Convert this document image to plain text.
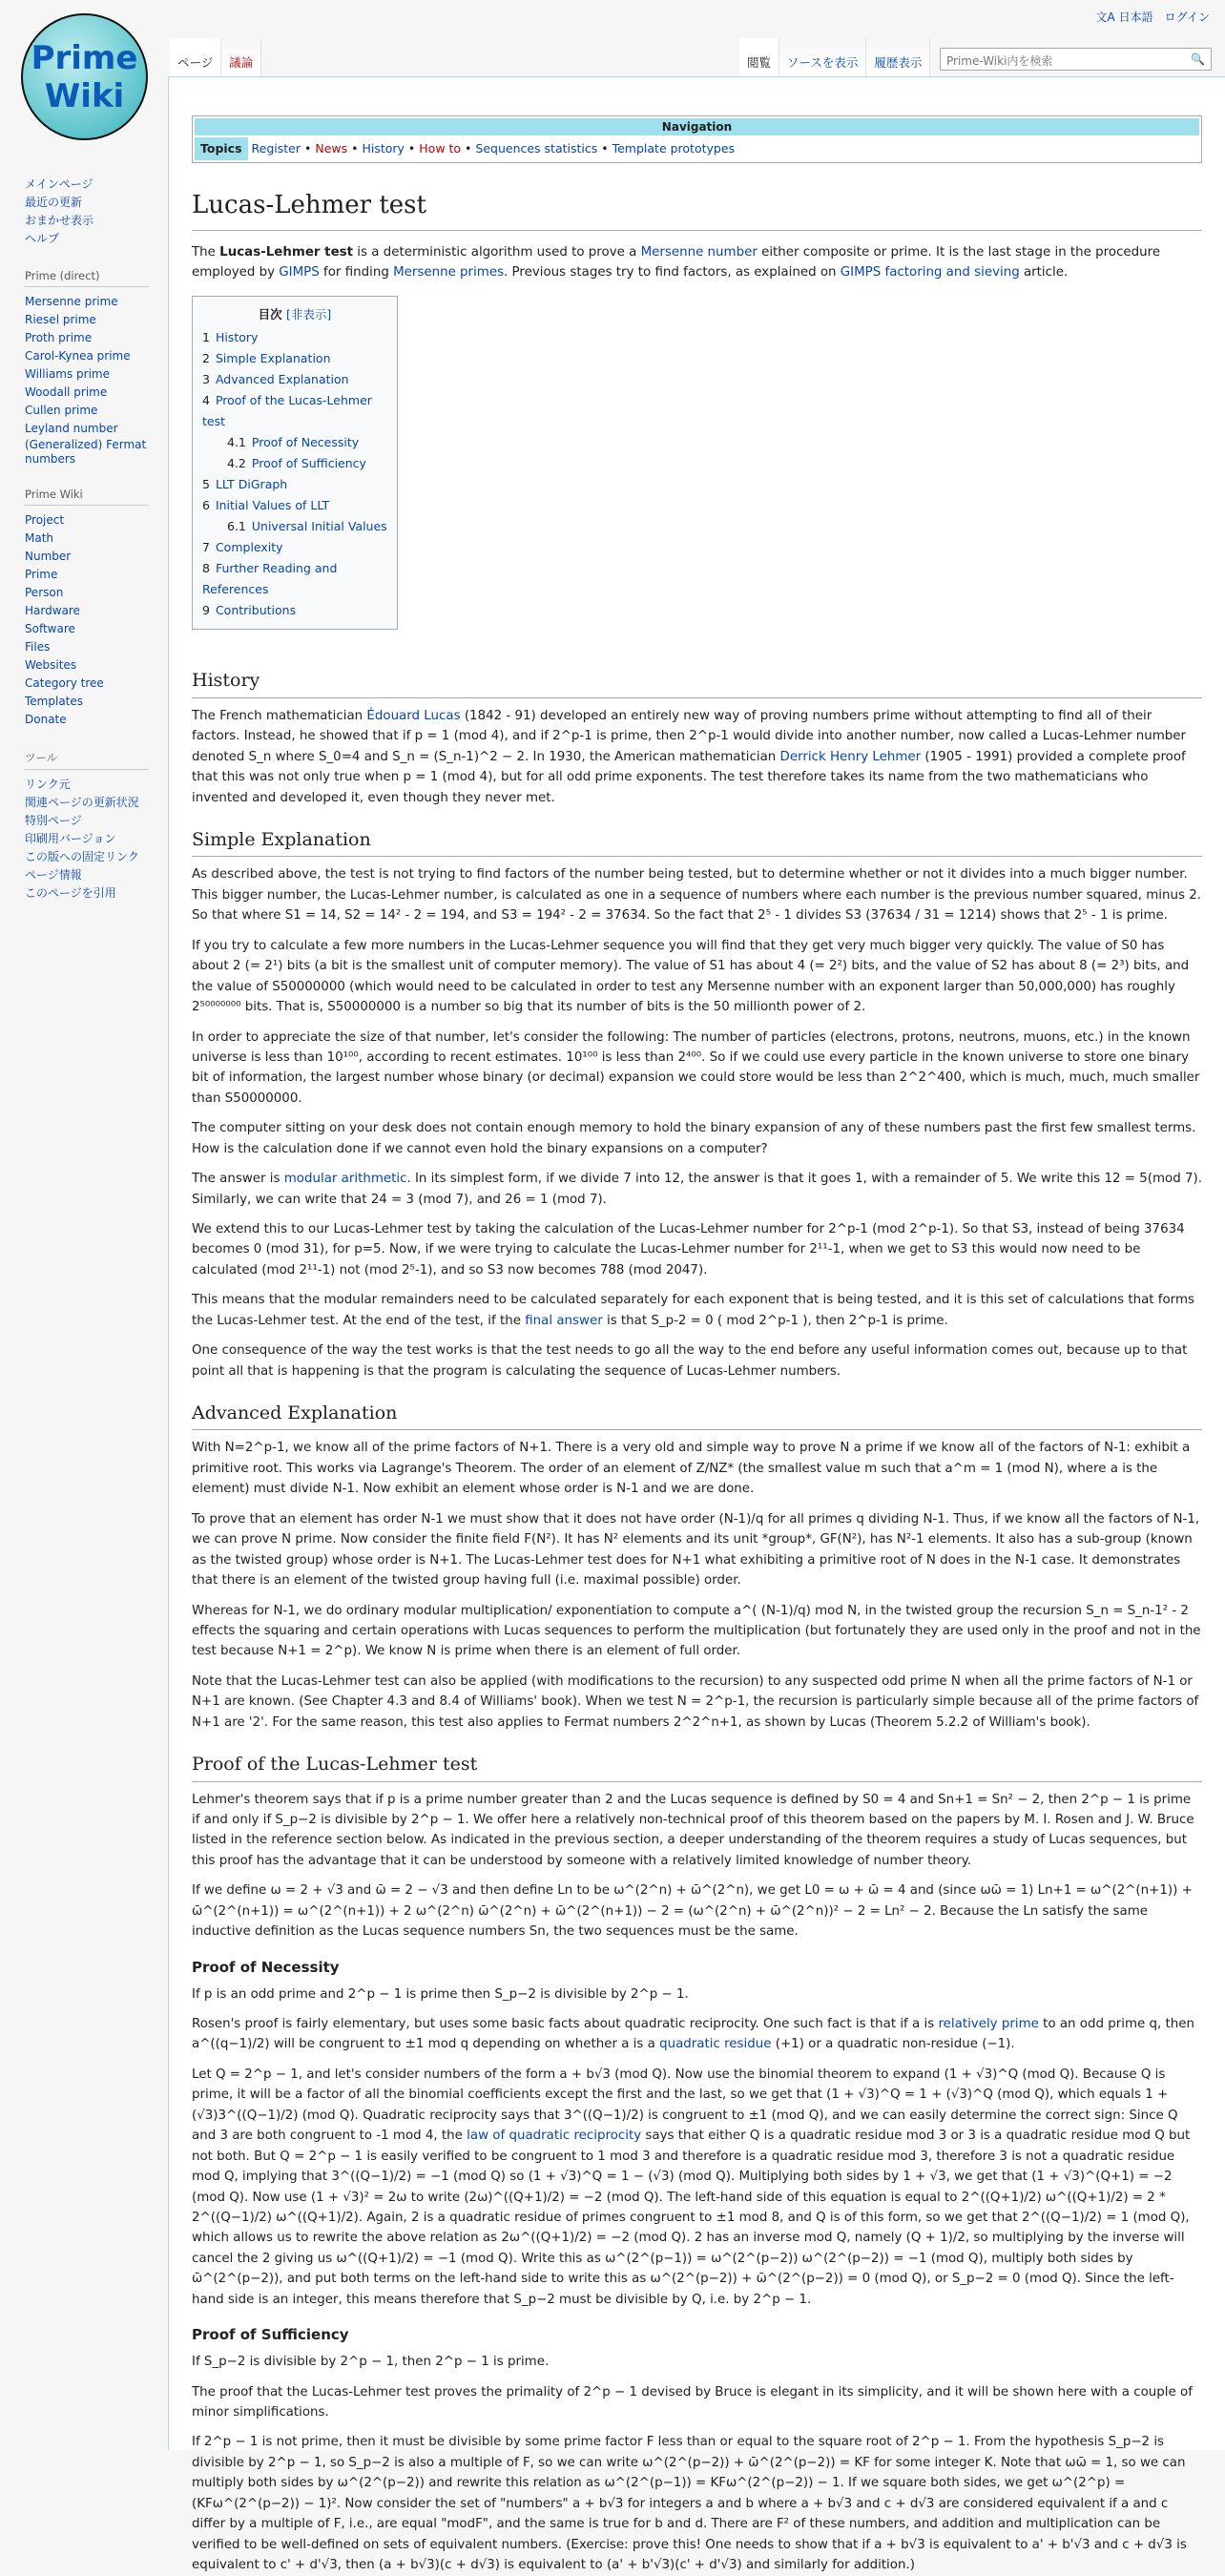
文A 日本語 ログイン
Prime
Wiki
ページ	議論	閲覧	ソースを表示	履歴表示	Prime-Wiki内を検索	🔍
メインページ
最近の更新
おまかせ表示
ヘルプ
Prime (direct)
Mersenne prime
Riesel prime
Proth prime
Carol-Kynea prime
Williams prime
Woodall prime
Cullen prime
Leyland number
(Generalized) Fermat numbers
Prime Wiki
Project
Math
Number
Prime
Person
Hardware
Software
Files
Websites
Category tree
Templates
Donate
ツール
リンク元
関連ページの更新状況
特別ページ
印刷用バージョン
この版への固定リンク
ページ情報
このページを引用
Navigation
Topics Register • News • History • How to • Sequences statistics • Template prototypes
Lucas-Lehmer test

The Lucas-Lehmer test is a deterministic algorithm used to prove a Mersenne number either composite or prime. It is the last stage in the procedure employed by GIMPS for finding Mersenne primes. Previous stages try to find factors, as explained on GIMPS factoring and sieving article.

目次 [非表示]
1 History
2 Simple Explanation
3 Advanced Explanation
4 Proof of the Lucas-Lehmer test
4.1 Proof of Necessity
4.2 Proof of Sufficiency
5 LLT DiGraph
6 Initial Values of LLT
6.1 Universal Initial Values
7 Complexity
8 Further Reading and References
9 Contributions
History

The French mathematician Édouard Lucas (1842 - 91) developed an entirely new way of proving numbers prime without attempting to find all of their factors. Instead, he showed that if p = 1 (mod 4), and if 2^p-1 is prime, then 2^p-1 would divide into another number, now called a Lucas-Lehmer number denoted S_n where S_0=4 and S_n = (S_n-1)^2 − 2. In 1930, the American mathematician Derrick Henry Lehmer (1905 - 1991) provided a complete proof that this was not only true when p = 1 (mod 4), but for all odd prime exponents. The test therefore takes its name from the two mathematicians who invented and developed it, even though they never met.

Simple Explanation

As described above, the test is not trying to find factors of the number being tested, but to determine whether or not it divides into a much bigger number. This bigger number, the Lucas-Lehmer number, is calculated as one in a sequence of numbers where each number is the previous number squared, minus 2. So that where S1 = 14, S2 = 14² - 2 = 194, and S3 = 194² - 2 = 37634. So the fact that 2⁵ - 1 divides S3 (37634 / 31 = 1214) shows that 2⁵ - 1 is prime.

If you try to calculate a few more numbers in the Lucas-Lehmer sequence you will find that they get very much bigger very quickly. The value of S0 has about 2 (= 2¹) bits (a bit is the smallest unit of computer memory). The value of S1 has about 4 (= 2²) bits, and the value of S2 has about 8 (= 2³) bits, and the value of S50000000 (which would need to be calculated in order to test any Mersenne number with an exponent larger than 50,000,000) has roughly 2⁵⁰⁰⁰⁰⁰⁰⁰ bits. That is, S50000000 is a number so big that its number of bits is the 50 millionth power of 2.

In order to appreciate the size of that number, let's consider the following: The number of particles (electrons, protons, neutrons, muons, etc.) in the known universe is less than 10¹⁰⁰, according to recent estimates. 10¹⁰⁰ is less than 2⁴⁰⁰. So if we could use every particle in the known universe to store one binary bit of information, the largest number whose binary (or decimal) expansion we could store would be less than 2^2^400, which is much, much, much smaller than S50000000.

The computer sitting on your desk does not contain enough memory to hold the binary expansion of any of these numbers past the first few smallest terms. How is the calculation done if we cannot even hold the binary expansions on a computer?

The answer is modular arithmetic. In its simplest form, if we divide 7 into 12, the answer is that it goes 1, with a remainder of 5. We write this 12 = 5(mod 7). Similarly, we can write that 24 = 3 (mod 7), and 26 = 1 (mod 7).

We extend this to our Lucas-Lehmer test by taking the calculation of the Lucas-Lehmer number for 2^p-1 (mod 2^p-1). So that S3, instead of being 37634 becomes 0 (mod 31), for p=5. Now, if we were trying to calculate the Lucas-Lehmer number for 2¹¹-1, when we get to S3 this would now need to be calculated (mod 2¹¹-1) not (mod 2⁵-1), and so S3 now becomes 788 (mod 2047).

This means that the modular remainders need to be calculated separately for each exponent that is being tested, and it is this set of calculations that forms the Lucas-Lehmer test. At the end of the test, if the final answer is that S_p-2 = 0 ( mod 2^p-1 ), then 2^p-1 is prime.

One consequence of the way the test works is that the test needs to go all the way to the end before any useful information comes out, because up to that point all that is happening is that the program is calculating the sequence of Lucas-Lehmer numbers.

Advanced Explanation

With N=2^p-1, we know all of the prime factors of N+1. There is a very old and simple way to prove N a prime if we know all of the factors of N-1: exhibit a primitive root. This works via Lagrange's Theorem. The order of an element of Z/NZ* (the smallest value m such that a^m = 1 (mod N), where a is the element) must divide N-1. Now exhibit an element whose order is N-1 and we are done.

To prove that an element has order N-1 we must show that it does not have order (N-1)/q for all primes q dividing N-1. Thus, if we know all the factors of N-1, we can prove N prime. Now consider the finite field F(N²). It has N² elements and its unit *group*, GF(N²), has N²-1 elements. It also has a sub-group (known as the twisted group) whose order is N+1. The Lucas-Lehmer test does for N+1 what exhibiting a primitive root of N does in the N-1 case. It demonstrates that there is an element of the twisted group having full (i.e. maximal possible) order.

Whereas for N-1, we do ordinary modular multiplication/ exponentiation to compute a^( (N-1)/q) mod N, in the twisted group the recursion S_n = S_n-1² - 2 effects the squaring and certain operations with Lucas sequences to perform the multiplication (but fortunately they are used only in the proof and not in the test because N+1 = 2^p). We know N is prime when there is an element of full order.

Note that the Lucas-Lehmer test can also be applied (with modifications to the recursion) to any suspected odd prime N when all the prime factors of N-1 or N+1 are known. (See Chapter 4.3 and 8.4 of Williams' book). When we test N = 2^p-1, the recursion is particularly simple because all of the prime factors of N+1 are '2'. For the same reason, this test also applies to Fermat numbers 2^2^n+1, as shown by Lucas (Theorem 5.2.2 of William's book).

Proof of the Lucas-Lehmer test

Lehmer's theorem says that if p is a prime number greater than 2 and the Lucas sequence is defined by S0 = 4 and Sn+1 = Sn² − 2, then 2^p − 1 is prime if and only if S_p−2 is divisible by 2^p − 1. We offer here a relatively non-technical proof of this theorem based on the papers by M. I. Rosen and J. W. Bruce listed in the reference section below. As indicated in the previous section, a deeper understanding of the theorem requires a study of Lucas sequences, but this proof has the advantage that it can be understood by someone with a relatively limited knowledge of number theory.

If we define ω = 2 + √3 and ω̄ = 2 − √3 and then define Ln to be ω^(2^n) + ω̄^(2^n), we get L0 = ω + ω̄ = 4 and (since ωω̄ = 1) Ln+1 = ω^(2^(n+1)) + ω̄^(2^(n+1)) = ω^(2^(n+1)) + 2 ω^(2^n) ω̄^(2^n) + ω̄^(2^(n+1)) − 2 = (ω^(2^n) + ω̄^(2^n))² − 2 = Ln² − 2. Because the Ln satisfy the same inductive definition as the Lucas sequence numbers Sn, the two sequences must be the same.

Proof of Necessity

If p is an odd prime and 2^p − 1 is prime then S_p−2 is divisible by 2^p − 1.

Rosen's proof is fairly elementary, but uses some basic facts about quadratic reciprocity. One such fact is that if a is relatively prime to an odd prime q, then a^((q−1)/2) will be congruent to ±1 mod q depending on whether a is a quadratic residue (+1) or a quadratic non-residue (−1).

Let Q = 2^p − 1, and let's consider numbers of the form a + b√3 (mod Q). Now use the binomial theorem to expand (1 + √3)^Q (mod Q). Because Q is prime, it will be a factor of all the binomial coefficients except the first and the last, so we get that (1 + √3)^Q = 1 + (√3)^Q (mod Q), which equals 1 + (√3)3^((Q−1)/2) (mod Q). Quadratic reciprocity says that 3^((Q−1)/2) is congruent to ±1 (mod Q), and we can easily determine the correct sign: Since Q and 3 are both congruent to -1 mod 4, the law of quadratic reciprocity says that either Q is a quadratic residue mod 3 or 3 is a quadratic residue mod Q but not both. But Q = 2^p − 1 is easily verified to be congruent to 1 mod 3 and therefore is a quadratic residue mod 3, therefore 3 is not a quadratic residue mod Q, implying that 3^((Q−1)/2) = −1 (mod Q) so (1 + √3)^Q = 1 − (√3) (mod Q). Multiplying both sides by 1 + √3, we get that (1 + √3)^(Q+1) = −2 (mod Q). Now use (1 + √3)² = 2ω to write (2ω)^((Q+1)/2) = −2 (mod Q). The left-hand side of this equation is equal to 2^((Q+1)/2) ω^((Q+1)/2) = 2 * 2^((Q−1)/2) ω^((Q+1)/2). Again, 2 is a quadratic residue of primes congruent to ±1 mod 8, and Q is of this form, so we get that 2^((Q−1)/2) = 1 (mod Q), which allows us to rewrite the above relation as 2ω^((Q+1)/2) = −2 (mod Q). 2 has an inverse mod Q, namely (Q + 1)/2, so multiplying by the inverse will cancel the 2 giving us ω^((Q+1)/2) = −1 (mod Q). Write this as ω^(2^(p−1)) = ω^(2^(p−2)) ω^(2^(p−2)) = −1 (mod Q), multiply both sides by ω̄^(2^(p−2)), and put both terms on the left-hand side to write this as ω^(2^(p−2)) + ω̄^(2^(p−2)) = 0 (mod Q), or S_p−2 = 0 (mod Q). Since the left-hand side is an integer, this means therefore that S_p−2 must be divisible by Q, i.e. by 2^p − 1.

Proof of Sufficiency

If S_p−2 is divisible by 2^p − 1, then 2^p − 1 is prime.

The proof that the Lucas-Lehmer test proves the primality of 2^p − 1 devised by Bruce is elegant in its simplicity, and it will be shown here with a couple of minor simplifications.

If 2^p − 1 is not prime, then it must be divisible by some prime factor F less than or equal to the square root of 2^p − 1. From the hypothesis S_p−2 is divisible by 2^p − 1, so S_p−2 is also a multiple of F, so we can write ω^(2^(p−2)) + ω̄^(2^(p−2)) = KF for some integer K. Note that ωω̄ = 1, so we can multiply both sides by ω^(2^(p−2)) and rewrite this relation as ω^(2^(p−1)) = KFω^(2^(p−2)) − 1. If we square both sides, we get ω^(2^p) = (KFω^(2^(p−2)) − 1)². Now consider the set of "numbers" a + b√3 for integers a and b where a + b√3 and c + d√3 are considered equivalent if a and c differ by a multiple of F, i.e., are equal "modF", and the same is true for b and d. There are F² of these numbers, and addition and multiplication can be verified to be well-defined on sets of equivalent numbers. (Exercise: prove this! One needs to show that if a + b√3 is equivalent to a' + b'√3 and c + d√3 is equivalent to c' + d'√3, then (a + b√3)(c + d√3) is equivalent to (a' + b'√3)(c' + d'√3) and similarly for addition.)
